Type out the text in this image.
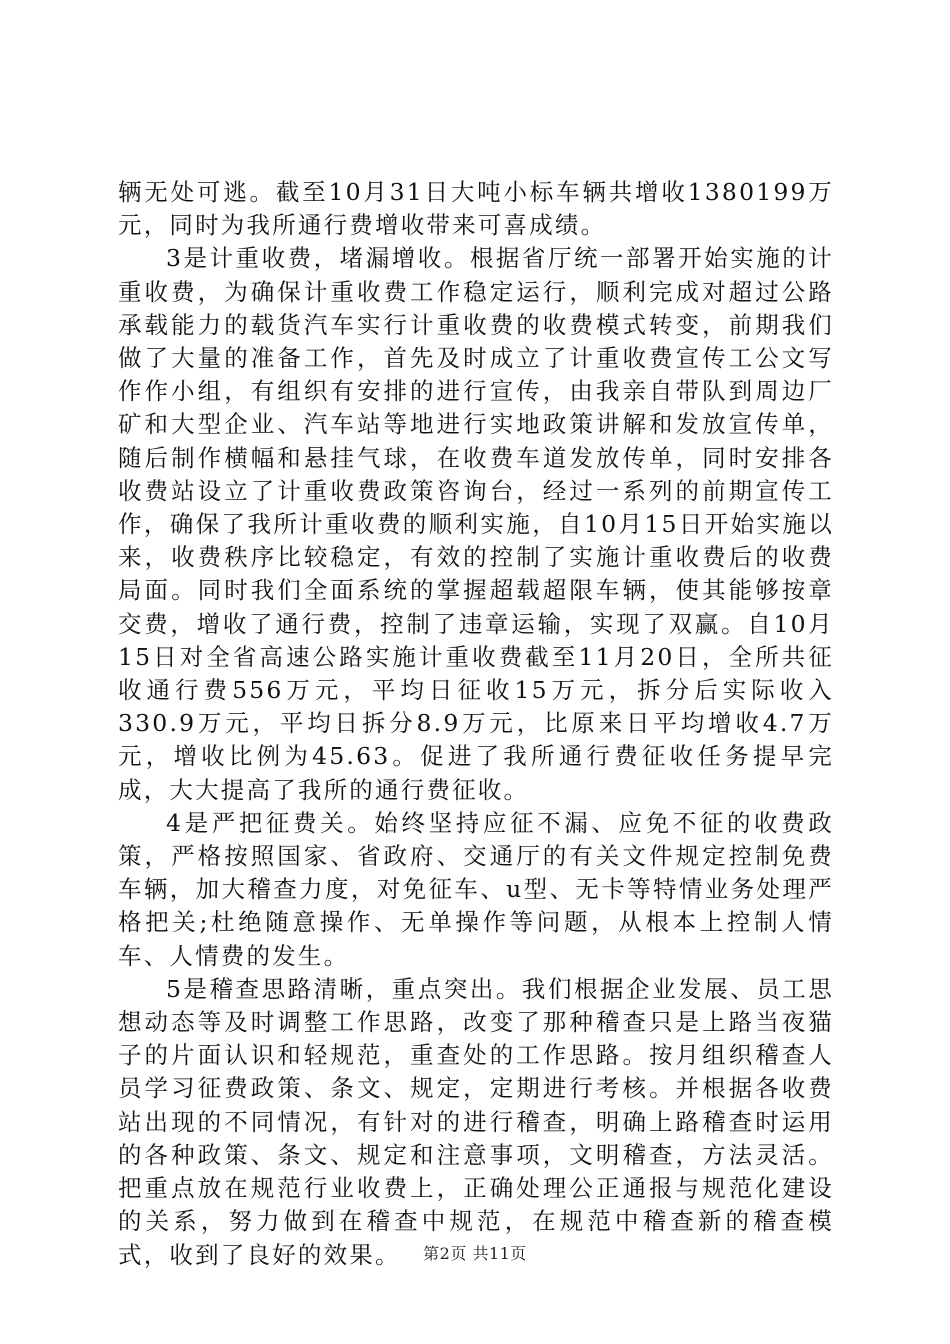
辆无处可逃。截至10月31日大吨小标车辆共增收1380199万元，同时为我所通行费增收带来可喜成绩。

3是计重收费，堵漏增收。根据省厅统一部署开始实施的计重收费，为确保计重收费工作稳定运行，顺利完成对超过公路承载能力的载货汽车实行计重收费的收费模式转变，前期我们做了大量的准备工作，首先及时成立了计重收费宣传工公文写作作小组，有组织有安排的进行宣传，由我亲自带队到周边厂矿和大型企业、汽车站等地进行实地政策讲解和发放宣传单，随后制作横幅和悬挂气球，在收费车道发放传单，同时安排各收费站设立了计重收费政策咨询台，经过一系列的前期宣传工作，确保了我所计重收费的顺利实施，自10月15日开始实施以来，收费秩序比较稳定，有效的控制了实施计重收费后的收费局面。同时我们全面系统的掌握超载超限车辆，使其能够按章交费，增收了通行费，控制了违章运输，实现了双赢。自10月15日对全省高速公路实施计重收费截至11月20日，全所共征收通行费556万元，平均日征收15万元，拆分后实际收入330.9万元，平均日拆分8.9万元，比原来日平均增收4.7万元，增收比例为45.63。促进了我所通行费征收任务提早完成，大大提高了我所的通行费征收。

4是严把征费关。始终坚持应征不漏、应免不征的收费政策，严格按照国家、省政府、交通厅的有关文件规定控制免费车辆，加大稽查力度，对免征车、u型、无卡等特情业务处理严格把关;杜绝随意操作、无单操作等问题，从根本上控制人情车、人情费的发生。

5是稽查思路清晰，重点突出。我们根据企业发展、员工思想动态等及时调整工作思路，改变了那种稽查只是上路当夜猫子的片面认识和轻规范，重查处的工作思路。按月组织稽查人员学习征费政策、条文、规定，定期进行考核。并根据各收费站出现的不同情况，有针对的进行稽查，明确上路稽查时运用的各种政策、条文、规定和注意事项，文明稽查，方法灵活。把重点放在规范行业收费上，正确处理公正通报与规范化建设的关系，努力做到在稽查中规范，在规范中稽查新的稽查模式，收到了良好的效果。	第2页 共11页
